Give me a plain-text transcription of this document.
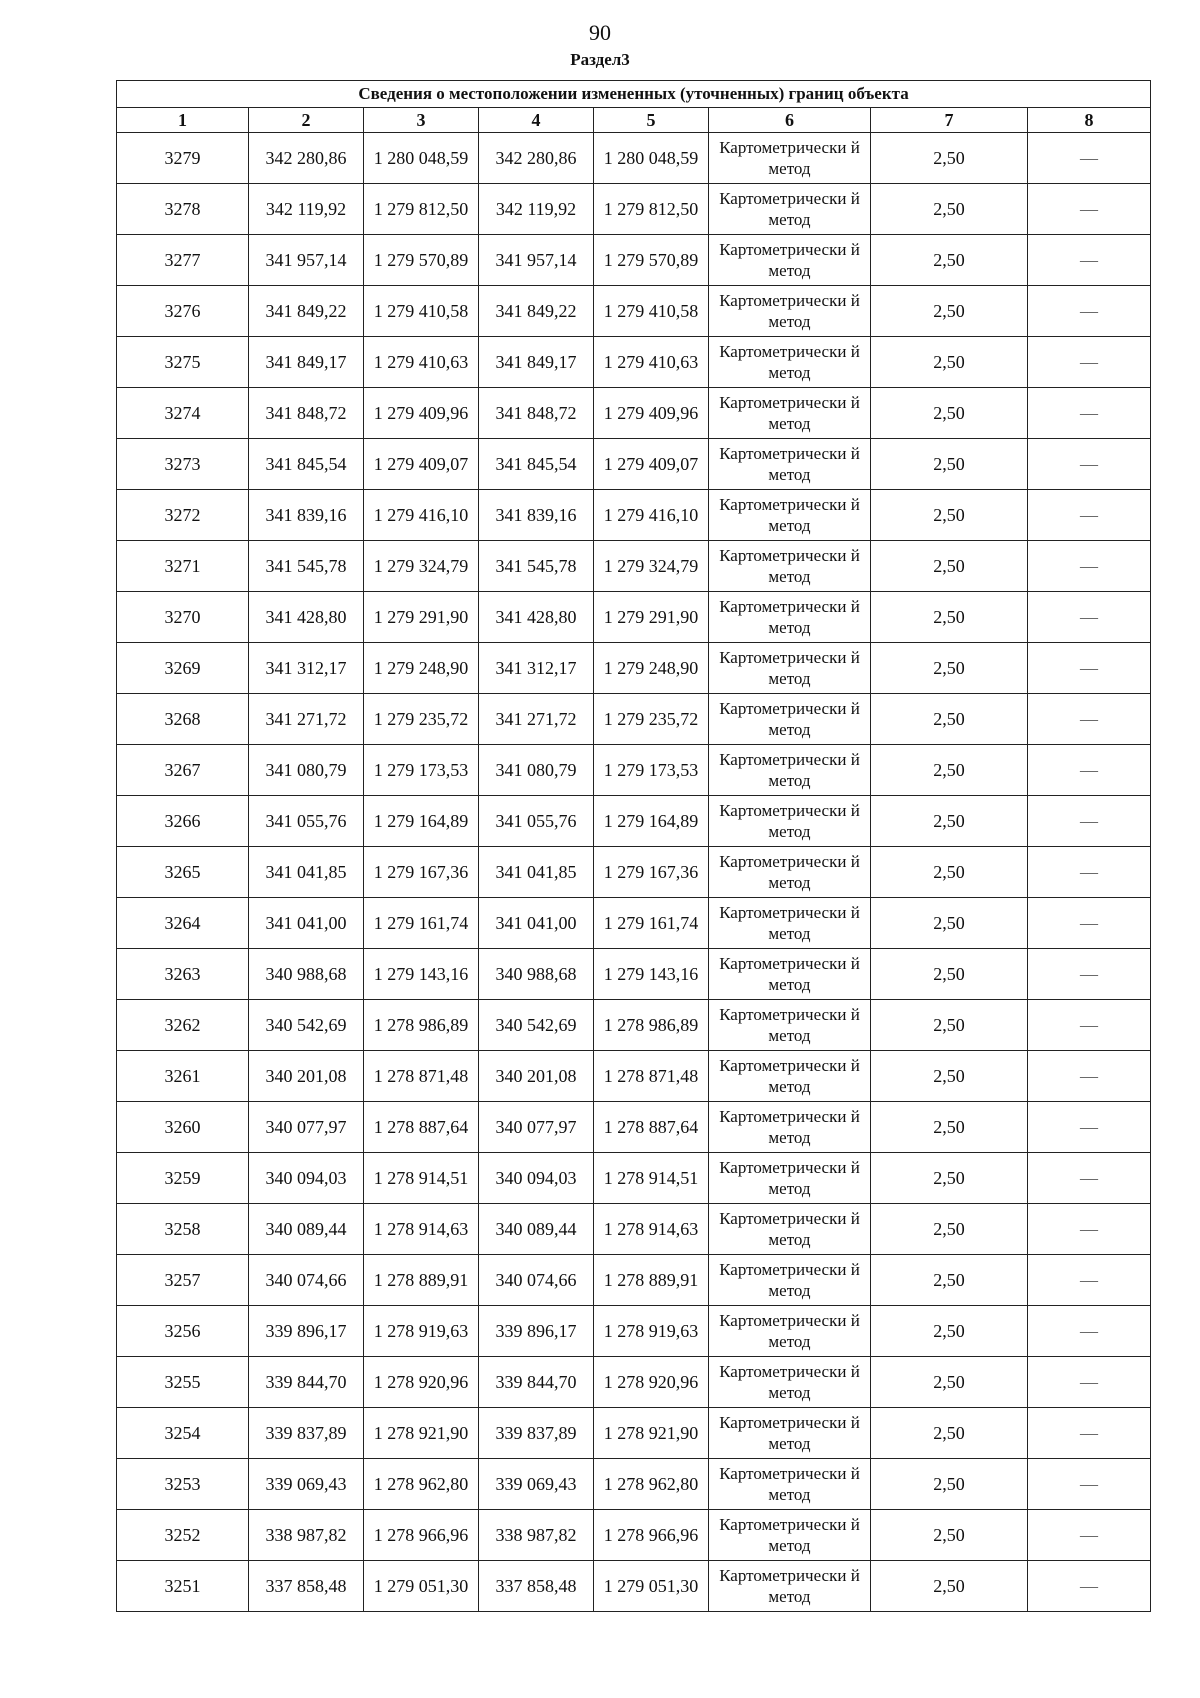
90
Раздел3
Сведения о местоположении измененных (уточненных) границ объекта							
1	2	3	4	5	6	7	8
3279	342 280,86	1 280 048,59	342 280,86	1 280 048,59	Картометрически й метод	2,50	—
3278	342 119,92	1 279 812,50	342 119,92	1 279 812,50	Картометрически й метод	2,50	—
3277	341 957,14	1 279 570,89	341 957,14	1 279 570,89	Картометрически й метод	2,50	—
3276	341 849,22	1 279 410,58	341 849,22	1 279 410,58	Картометрически й метод	2,50	—
3275	341 849,17	1 279 410,63	341 849,17	1 279 410,63	Картометрически й метод	2,50	—
3274	341 848,72	1 279 409,96	341 848,72	1 279 409,96	Картометрически й метод	2,50	—
3273	341 845,54	1 279 409,07	341 845,54	1 279 409,07	Картометрически й метод	2,50	—
3272	341 839,16	1 279 416,10	341 839,16	1 279 416,10	Картометрически й метод	2,50	—
3271	341 545,78	1 279 324,79	341 545,78	1 279 324,79	Картометрически й метод	2,50	—
3270	341 428,80	1 279 291,90	341 428,80	1 279 291,90	Картометрически й метод	2,50	—
3269	341 312,17	1 279 248,90	341 312,17	1 279 248,90	Картометрически й метод	2,50	—
3268	341 271,72	1 279 235,72	341 271,72	1 279 235,72	Картометрически й метод	2,50	—
3267	341 080,79	1 279 173,53	341 080,79	1 279 173,53	Картометрически й метод	2,50	—
3266	341 055,76	1 279 164,89	341 055,76	1 279 164,89	Картометрически й метод	2,50	—
3265	341 041,85	1 279 167,36	341 041,85	1 279 167,36	Картометрически й метод	2,50	—
3264	341 041,00	1 279 161,74	341 041,00	1 279 161,74	Картометрически й метод	2,50	—
3263	340 988,68	1 279 143,16	340 988,68	1 279 143,16	Картометрически й метод	2,50	—
3262	340 542,69	1 278 986,89	340 542,69	1 278 986,89	Картометрически й метод	2,50	—
3261	340 201,08	1 278 871,48	340 201,08	1 278 871,48	Картометрически й метод	2,50	—
3260	340 077,97	1 278 887,64	340 077,97	1 278 887,64	Картометрически й метод	2,50	—
3259	340 094,03	1 278 914,51	340 094,03	1 278 914,51	Картометрически й метод	2,50	—
3258	340 089,44	1 278 914,63	340 089,44	1 278 914,63	Картометрически й метод	2,50	—
3257	340 074,66	1 278 889,91	340 074,66	1 278 889,91	Картометрически й метод	2,50	—
3256	339 896,17	1 278 919,63	339 896,17	1 278 919,63	Картометрически й метод	2,50	—
3255	339 844,70	1 278 920,96	339 844,70	1 278 920,96	Картометрически й метод	2,50	—
3254	339 837,89	1 278 921,90	339 837,89	1 278 921,90	Картометрически й метод	2,50	—
3253	339 069,43	1 278 962,80	339 069,43	1 278 962,80	Картометрически й метод	2,50	—
3252	338 987,82	1 278 966,96	338 987,82	1 278 966,96	Картометрически й метод	2,50	—
3251	337 858,48	1 279 051,30	337 858,48	1 279 051,30	Картометрически й метод	2,50	—
